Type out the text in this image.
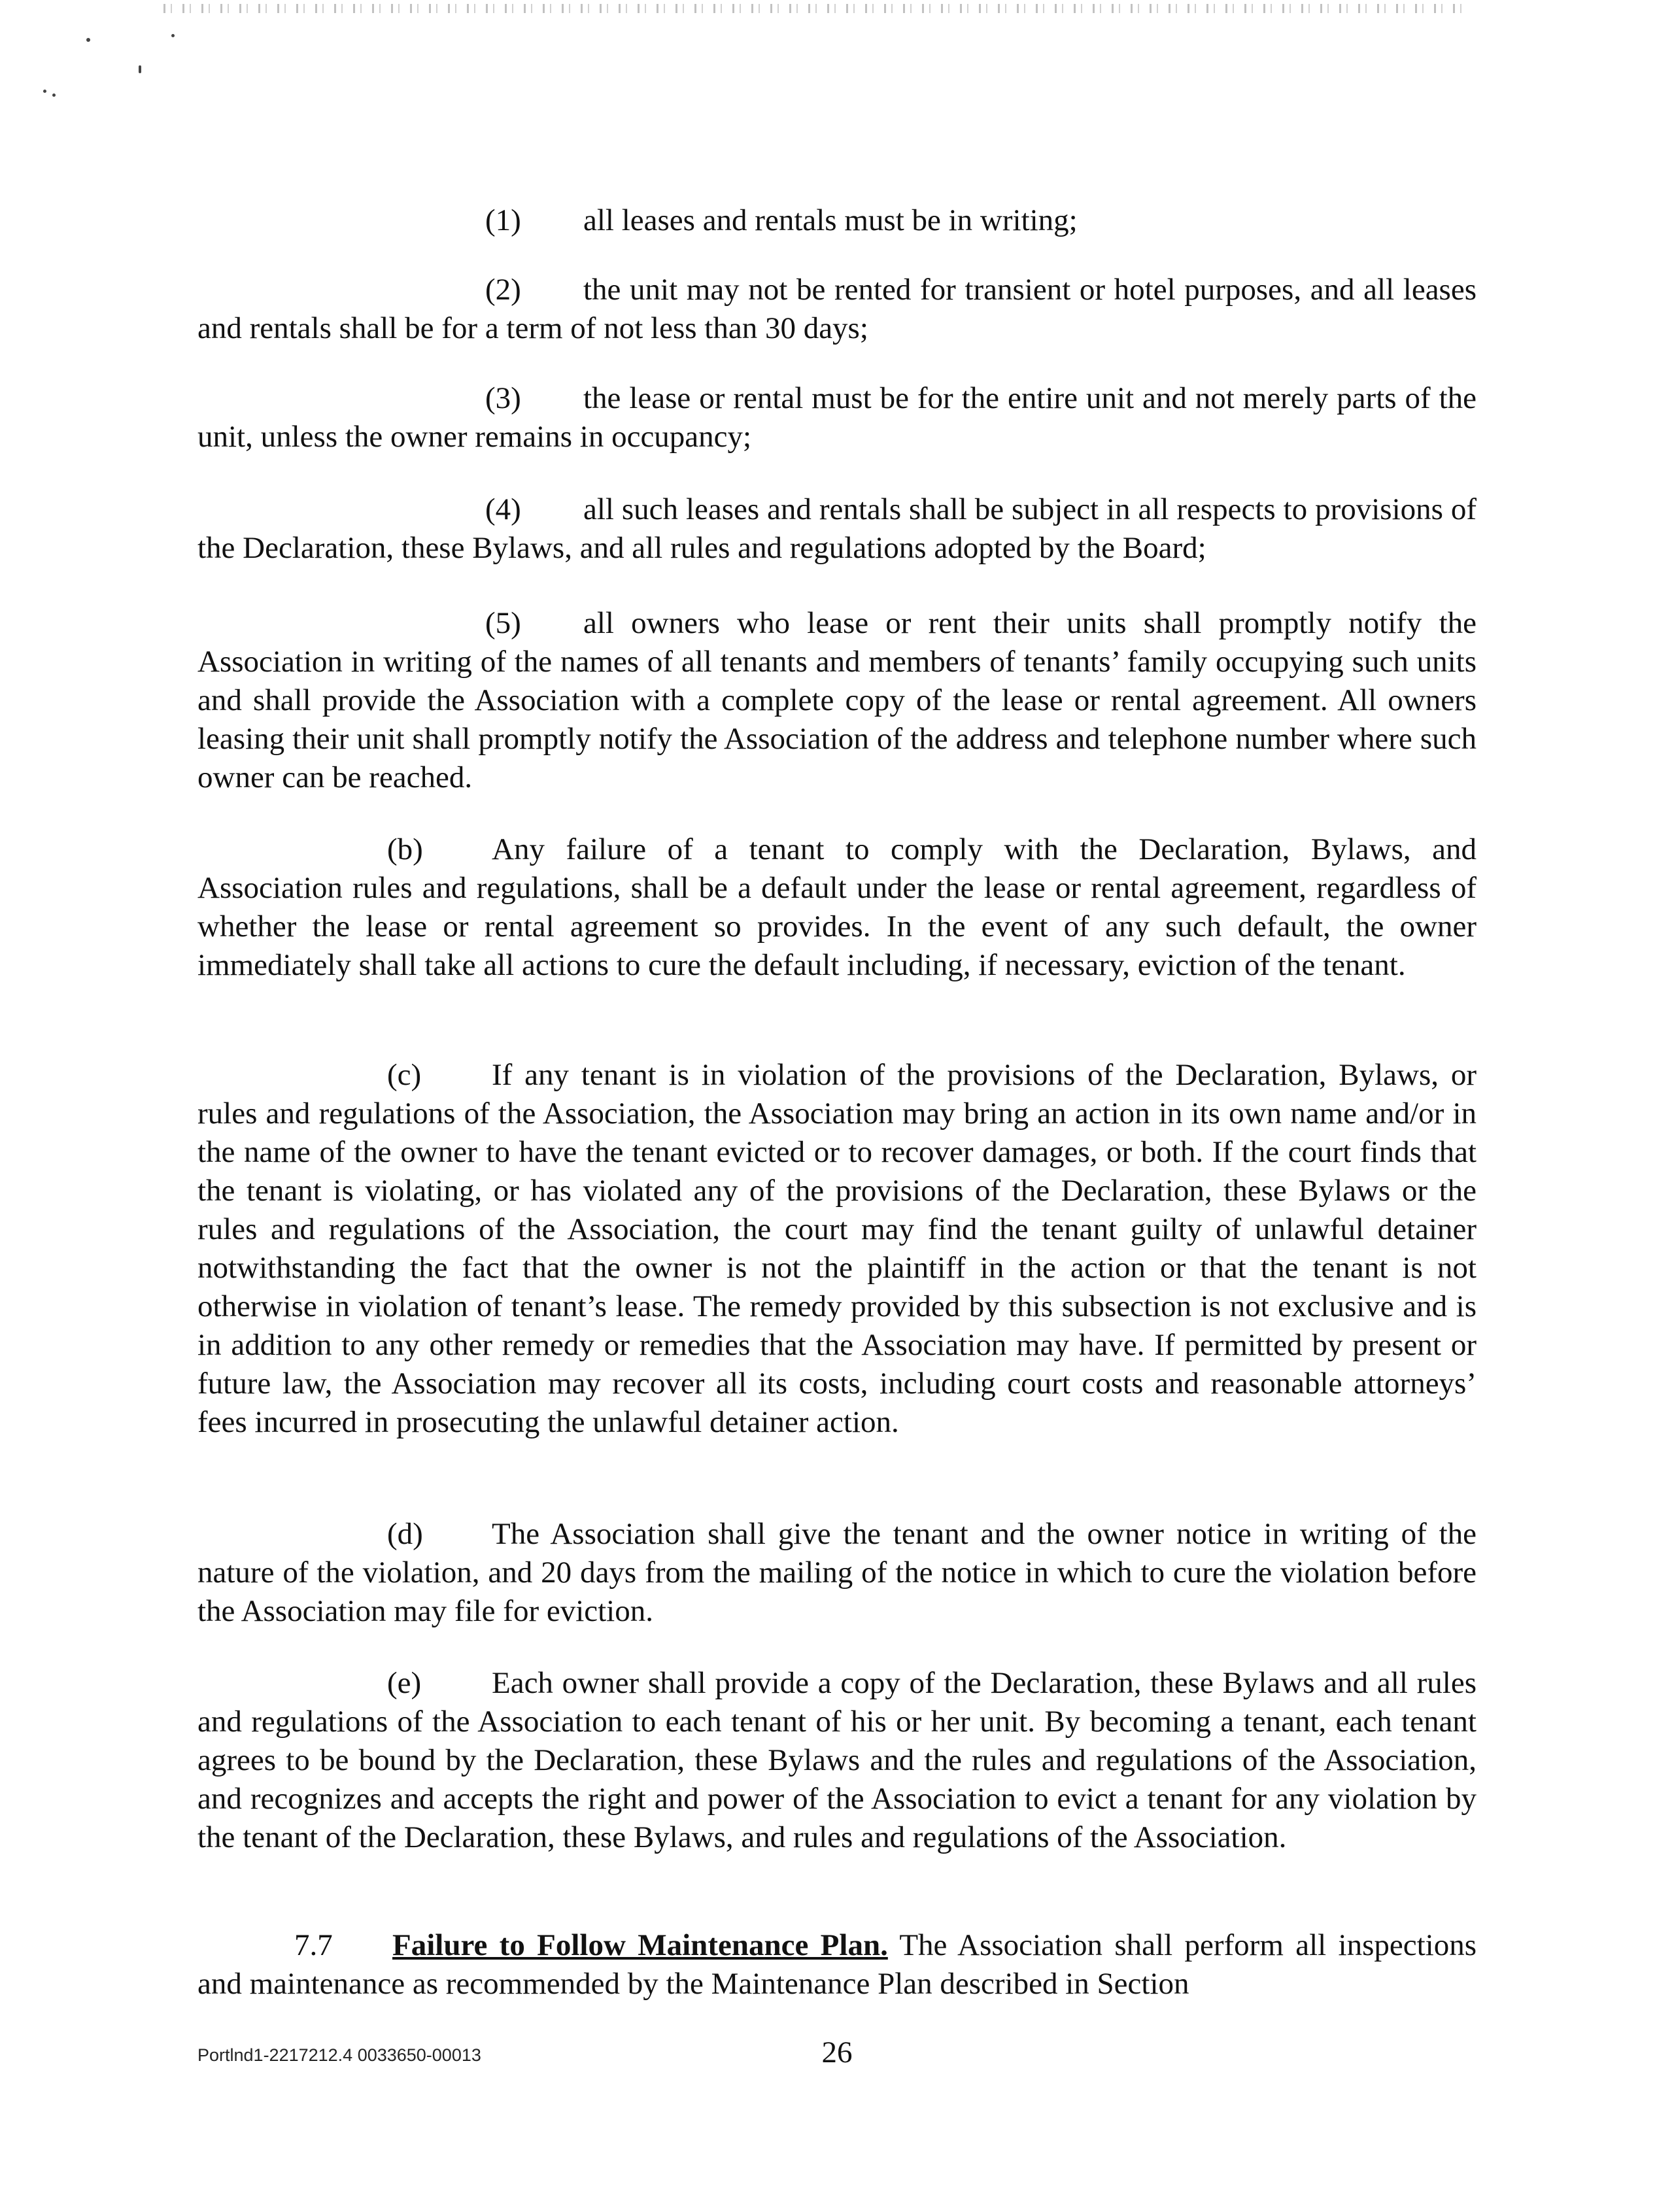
(1) all leases and rentals must be in writing;

(2) the unit may not be rented for transient or hotel purposes, and all leases and rentals shall be for a term of not less than 30 days;

(3) the lease or rental must be for the entire unit and not merely parts of the unit, unless the owner remains in occupancy;

(4) all such leases and rentals shall be subject in all respects to provisions of the Declaration, these Bylaws, and all rules and regulations adopted by the Board;

(5) all owners who lease or rent their units shall promptly notify the Association in writing of the names of all tenants and members of tenants’ family occupying such units and shall provide the Association with a complete copy of the lease or rental agreement. All owners leasing their unit shall promptly notify the Association of the address and telephone number where such owner can be reached.

(b) Any failure of a tenant to comply with the Declaration, Bylaws, and Association rules and regulations, shall be a default under the lease or rental agreement, regardless of whether the lease or rental agreement so provides. In the event of any such default, the owner immediately shall take all actions to cure the default including, if necessary, eviction of the tenant.

(c) If any tenant is in violation of the provisions of the Declaration, Bylaws, or rules and regulations of the Association, the Association may bring an action in its own name and/or in the name of the owner to have the tenant evicted or to recover damages, or both. If the court finds that the tenant is violating, or has violated any of the provisions of the Declaration, these Bylaws or the rules and regulations of the Association, the court may find the tenant guilty of unlawful detainer notwithstanding the fact that the owner is not the plaintiff in the action or that the tenant is not otherwise in violation of tenant’s lease. The remedy provided by this subsection is not exclusive and is in addition to any other remedy or remedies that the Association may have. If permitted by present or future law, the Association may recover all its costs, including court costs and reasonable attorneys’ fees incurred in prosecuting the unlawful detainer action.

(d) The Association shall give the tenant and the owner notice in writing of the nature of the violation, and 20 days from the mailing of the notice in which to cure the violation before the Association may file for eviction.

(e) Each owner shall provide a copy of the Declaration, these Bylaws and all rules and regulations of the Association to each tenant of his or her unit. By becoming a tenant, each tenant agrees to be bound by the Declaration, these Bylaws and the rules and regulations of the Association, and recognizes and accepts the right and power of the Association to evict a tenant for any violation by the tenant of the Declaration, these Bylaws, and rules and regulations of the Association.

7.7 Failure to Follow Maintenance Plan. The Association shall perform all inspections and maintenance as recommended by the Maintenance Plan described in Section

Portlnd1-2217212.4 0033650-00013	26
